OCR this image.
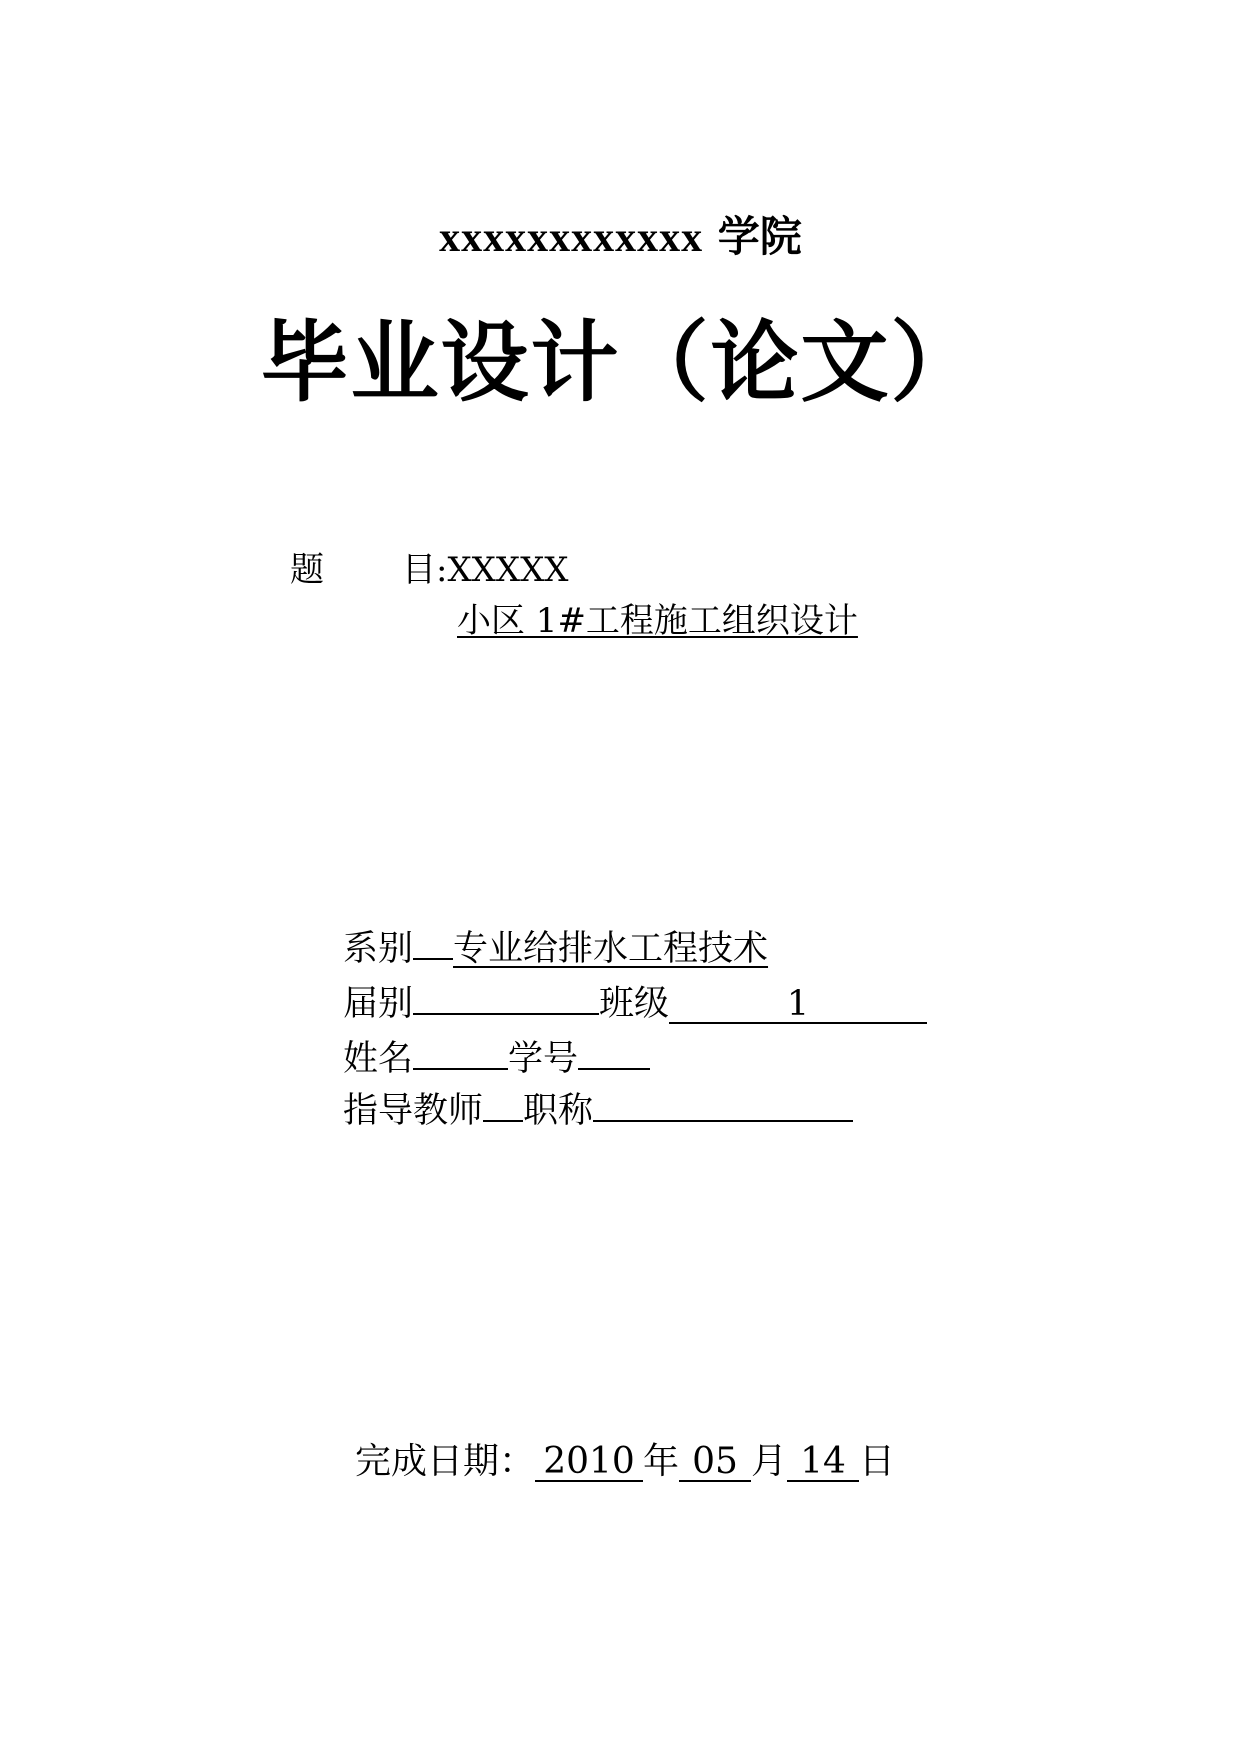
xxxxxxxxxxxx 学院
毕业设计（论文）
题 目:XXXXX
小区 1#工程施工组织设计
系别 专业给排水工程技术
届别	班级	1
姓名	学号
指导教师 职称
完成日期： 2010 年 05 月 14 日
